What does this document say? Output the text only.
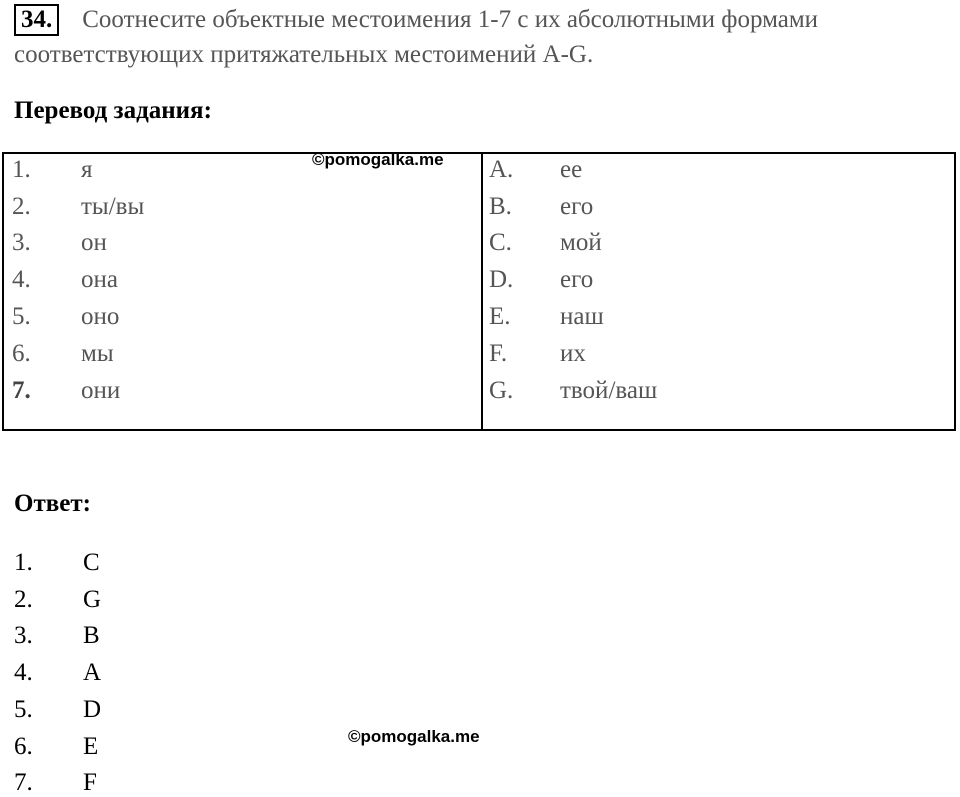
34. Соотнесите объектные местоимения 1-7 с их абсолютными формами
соответствующих притяжательных местоимений A-G.
Перевод задания:
1. я
2. ты/вы
3. он
4. она
5. оно
6. мы
7. они
A. ее
B. его
C. мой
D. его
E. наш
F. их
G. твой/ваш
©pomogalka.me
Ответ:
1. C
2. G
3. B
4. A
5. D
6. E
7. F
©pomogalka.me
